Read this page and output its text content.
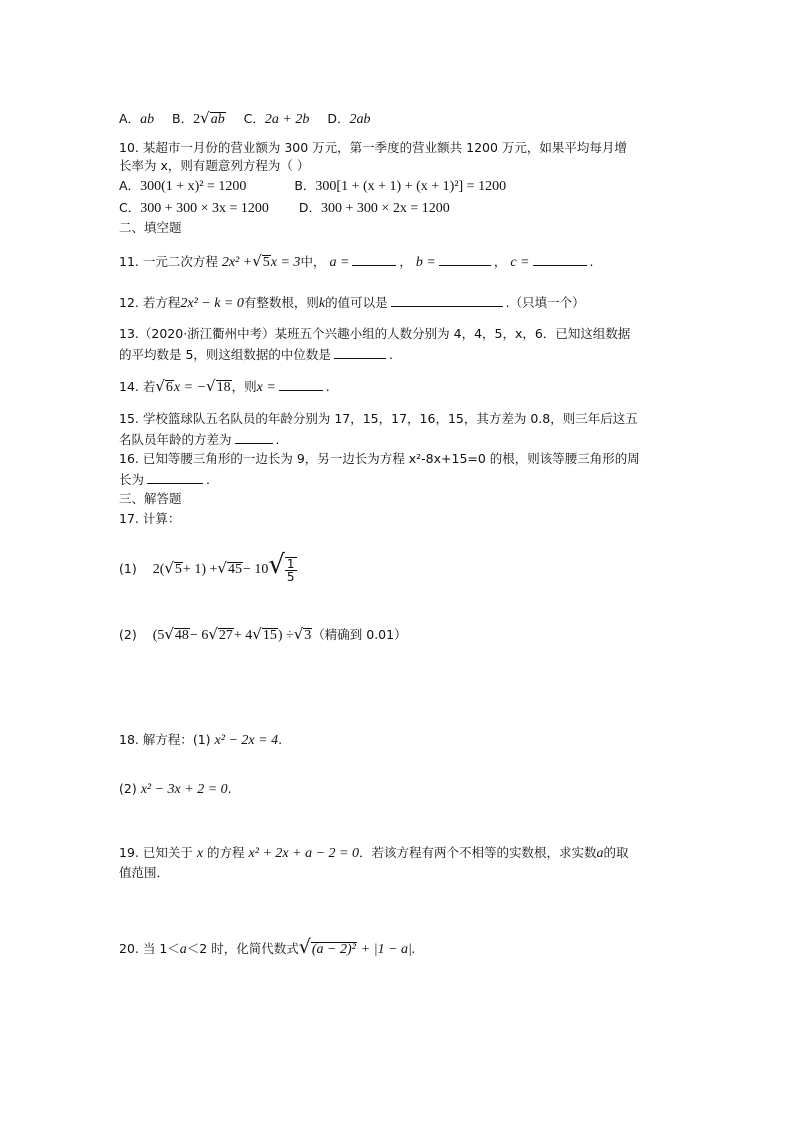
A．ab B．2√ab C．2a + 2b D．2ab
10. 某超市一月份的营业额为 300 万元，第一季度的营业额共 1200 万元，如果平均每月增
长率为 x，则有题意列方程为（ ）
A．300(1 + x)² = 1200	B．300[1 + (x + 1) + (x + 1)²] = 1200
C．300 + 300 × 3x = 1200 D．300 + 300 × 2x = 1200
二、填空题
11. 一元二次方程 2x² +√5x = 3中， a =	， b =	， c =	.
12. 若方程2x² − k = 0有整数根，则k的值可以是	.（只填一个）
13.（2020·浙江衢州中考）某班五个兴趣小组的人数分别为 4，4，5，x，6．已知这组数据
的平均数是 5，则这组数据的中位数是	.
14. 若√6x = −√18，则x =	.
15. 学校篮球队五名队员的年龄分别为 17，15，17，16，15，其方差为 0.8，则三年后这五
名队员年龄的方差为	.
16. 已知等腰三角形的一边长为 9，另一边长为方程 x²-8x+15=0 的根，则该等腰三角形的周
长为	.
三、解答题
17. 计算：
(1) $2(√5+ 1) +√45- 10√ \frac{1}{5}$
(2) (5√48− 6√27+ 4√15) ÷√3（精确到 0.01）
18. 解方程：(1) x² − 2x = 4.
(2) x² − 3x + 2 = 0.
19. 已知关于 x 的方程 x² + 2x + a − 2 = 0．若该方程有两个不相等的实数根，求实数a的取
值范围．
20. 当 1＜a＜2 时，化简代数式√(a − 2)² + |1 − a|.
